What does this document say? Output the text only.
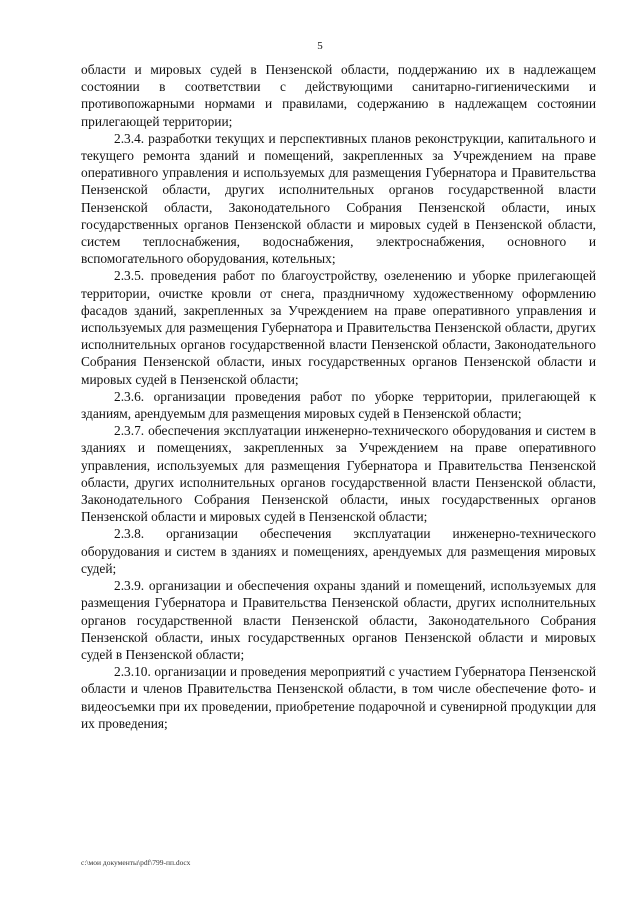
5

области и мировых судей в Пензенской области, поддержанию их в надлежащем состоянии в соответствии с действующими санитарно-гигиеническими и противопожарными нормами и правилами, содержанию в надлежащем состоянии прилегающей территории;

2.3.4. разработки текущих и перспективных планов реконструкции, капитального и текущего ремонта зданий и помещений, закрепленных за Учреждением на праве оперативного управления и используемых для размещения Губернатора и Правительства Пензенской области, других исполнительных органов государственной власти Пензенской области, Законодательного Собрания Пензенской области, иных государственных органов Пензенской области и мировых судей в Пензенской области, систем теплоснабжения, водоснабжения, электроснабжения, основного и вспомогательного оборудования, котельных;

2.3.5. проведения работ по благоустройству, озеленению и уборке прилегающей территории, очистке кровли от снега, праздничному художественному оформлению фасадов зданий, закрепленных за Учреждением на праве оперативного управления и используемых для размещения Губернатора и Правительства Пензенской области, других исполнительных органов государственной власти Пензенской области, Законодательного Собрания Пензенской области, иных государственных органов Пензенской области и мировых судей в Пензенской области;

2.3.6. организации проведения работ по уборке территории, прилегающей к зданиям, арендуемым для размещения мировых судей в Пензенской области;

2.3.7. обеспечения эксплуатации инженерно-технического оборудования и систем в зданиях и помещениях, закрепленных за Учреждением на праве оперативного управления, используемых для размещения Губернатора и Правительства Пензенской области, других исполнительных органов государственной власти Пензенской области, Законодательного Собрания Пензенской области, иных государственных органов Пензенской области и мировых судей в Пензенской области;

2.3.8. организации обеспечения эксплуатации инженерно-технического оборудования и систем в зданиях и помещениях, арендуемых для размещения мировых судей;

2.3.9. организации и обеспечения охраны зданий и помещений, используемых для размещения Губернатора и Правительства Пензенской области, других исполнительных органов государственной власти Пензенской области, Законодательного Собрания Пензенской области, иных государственных органов Пензенской области и мировых судей в Пензенской области;

2.3.10. организации и проведения мероприятий с участием Губернатора Пензенской области и членов Правительства Пензенской области, в том числе обеспечение фото- и видеосъемки при их проведении, приобретение подарочной и сувенирной продукции для их проведения;

c:\мои документы\pdf\799-пп.docx
